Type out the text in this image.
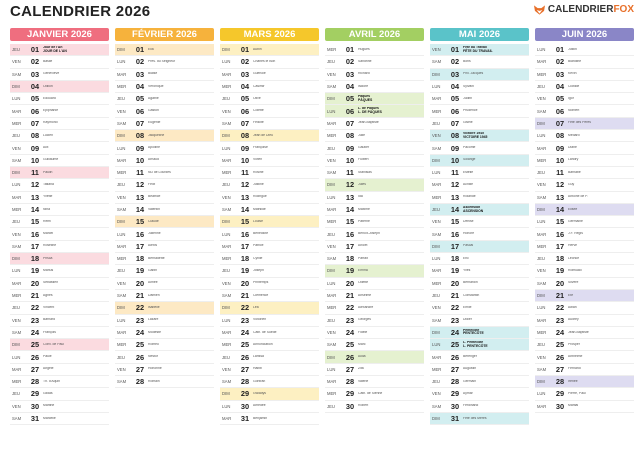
CALENDRIER 2026	CALENDRIERFOX
JANVIER 2026
JEU	01	Jour de l'An
JOUR DE L'AN
VEN	02	Basile
SAM	03	Geneviève
DIM	04	Odilon
LUN	05	Edouard
MAR	06	Epiphanie
MER	07	Raymond
JEU	08	Lucien
VEN	09	Alix
SAM	10	Guillaume
DIM	11	Paulin
LUN	12	Tatiana
MAR	13	Yvette
MER	14	Nina
JEU	15	Rémi
VEN	16	Marcel
SAM	17	Roseline
DIM	18	Prisca
LUN	19	Marius
MAR	20	Sébastien
MER	21	Agnès
JEU	22	Vincent
VEN	23	Barnard
SAM	24	François
DIM	25	Conv. de Paul
LUN	26	Paule
MAR	27	Angèle
MER	28	Th. d'Aquin
JEU	29	Gildas
VEN	30	Martine
SAM	31	Marcelle
FÉVRIER 2026
DIM	01	Ella
LUN	02	Prés. du Seigneur
MAR	03	Blaise
MER	04	Véronique
JEU	05	Agathe
VEN	06	Gaston
SAM	07	Eugénie
DIM	08	Jacqueline
LUN	09	Apolline
MAR	10	Arnaud
MER	11	ND de Lourdes
JEU	12	Félix
VEN	13	Béatrice
SAM	14	Valentin
DIM	15	Claude
LUN	16	Julienne
MAR	17	Alexis
MER	18	Bernadette
JEU	19	Gabin
VEN	20	Aimée
SAM	21	Damien
DIM	22	Isabelle
LUN	23	Lazare
MAR	24	Modeste
MER	25	Roméo
JEU	26	Nestor
VEN	27	Honorine
SAM	28	Romain
MARS 2026
DIM	01	Aubin
LUN	02	Charles le Bon
MAR	03	Guénolé
MER	04	Casimir
JEU	05	Olive
VEN	06	Colette
SAM	07	Félicité
DIM	08	Jean de Dieu
LUN	09	Françoise
MAR	10	Vivien
MER	11	Rosine
JEU	12	Justine
VEN	13	Rodrigue
SAM	14	Mathilde
DIM	15	Louise
LUN	16	Bénédicte
MAR	17	Patrice
MER	18	Cyrille
JEU	19	Joseph
VEN	20	Printemps
SAM	21	Clémence
DIM	22	Léa
LUN	23	Victorien
MAR	24	Cath. de Suède
MER	25	Annonciation
JEU	26	Larissa
VEN	27	Habib
SAM	28	Gontran
DIM	29	Gwladys
LUN	30	Amédée
MAR	31	Benjamin
AVRIL 2026
MER	01	Hugues
JEU	02	Sandrine
VEN	03	Richard
SAM	04	Isidore
DIM	05	Pâques
PÂQUES
LUN	06	L. de Pâques
L. DE PÂQUES
MAR	07	Jean-Baptiste
MER	08	Julie
JEU	09	Gautier
VEN	10	Fulbert
SAM	11	Stanislas
DIM	12	Jules
LUN	13	Ida
MAR	14	Maxime
MER	15	Paterne
JEU	16	Benoît-Joseph
VEN	17	Anicet
SAM	18	Parfait
DIM	19	Emma
LUN	20	Odette
MAR	21	Anselme
MER	22	Alexandre
JEU	23	Georges
VEN	24	Fidèle
SAM	25	Marc
DIM	26	Alida
LUN	27	Zita
MAR	28	Valérie
MER	29	Cath. de Sienne
JEU	30	Robert
MAI 2026
VEN	01	Fête du Travail
FÊTE DU TRAVAIL
SAM	02	Boris
DIM	03	Phil. Jacques
LUN	04	Sylvain
MAR	05	Judith
MER	06	Prudence
JEU	07	Gisèle
VEN	08	Victoire 1945
VICTOIRE 1945
SAM	09	Pacôme
DIM	10	Solange
LUN	11	Estelle
MAR	12	Achille
MER	13	Rolande
JEU	14	Ascension
ASCENSION
VEN	15	Denise
SAM	16	Honoré
DIM	17	Pascal
LUN	18	Eric
MAR	19	Yves
MER	20	Bernardin
JEU	21	Constantin
VEN	22	Emile
SAM	23	Didier
DIM	24	Pentecôte
PENTECÔTE
LUN	25	L. Pentecôte
L. PENTECÔTE
MAR	26	Bérenger
MER	27	Augustin
JEU	28	Germain
VEN	29	Aymar
SAM	30	Ferdinand
DIM	31	Fête des Mères
JUIN 2026
LUN	01	Justin
MAR	02	Blandine
MER	03	Kévin
JEU	04	Clotilde
VEN	05	Igor
SAM	06	Norbert
DIM	07	Fête des Pères
LUN	08	Médard
MAR	09	Diane
MER	10	Landry
JEU	11	Barnabé
VEN	12	Guy
SAM	13	Antoine de P.
DIM	14	Elisée
LUN	15	Germaine
MAR	16	J.F. Régis
MER	17	Hervé
JEU	18	Léonce
VEN	19	Romuald
SAM	20	Silvère
DIM	21	Eté
LUN	22	Alban
MAR	23	Audrey
MER	24	Jean-Baptiste
JEU	25	Prosper
VEN	26	Anthelme
SAM	27	Fernand
DIM	28	Irénée
LUN	29	Pierre, Paul
MAR	30	Martial
